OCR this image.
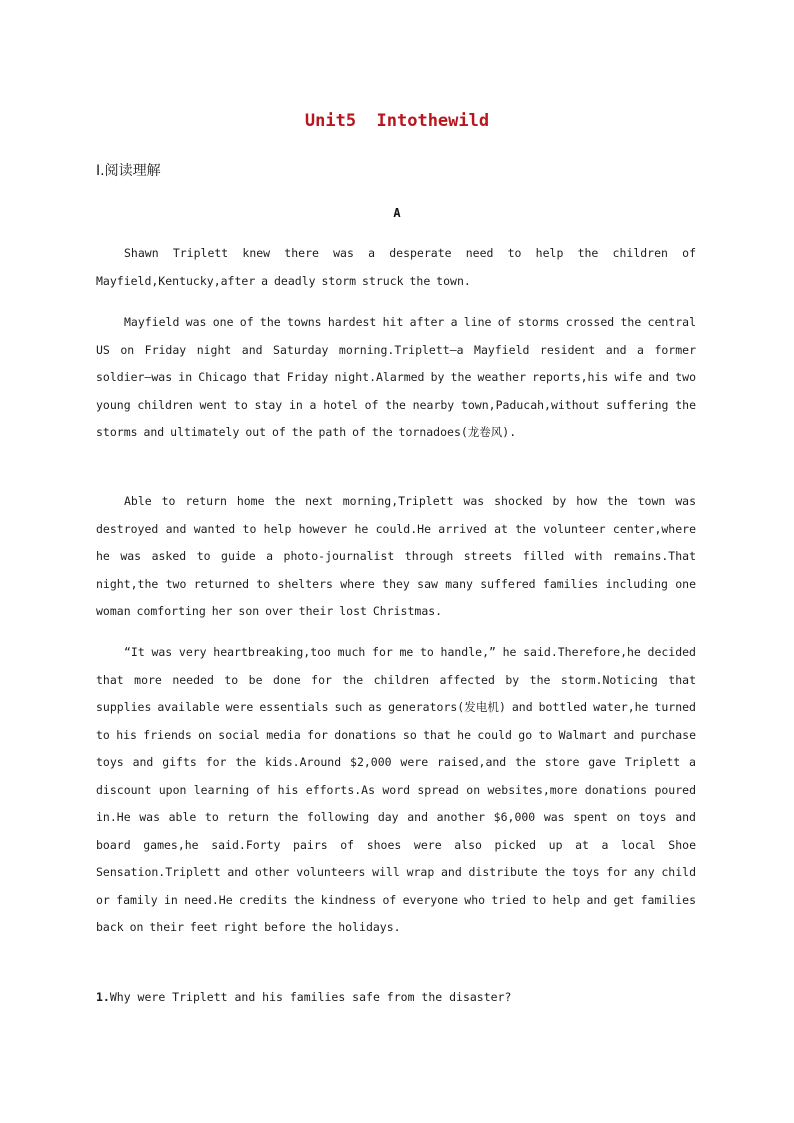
Unit5  Intothewild
Ⅰ.阅读理解
A

Shawn Triplett knew there was a desperate need to help the children of Mayfield,Kentucky,after a deadly storm struck the town.

Mayfield was one of the towns hardest hit after a line of storms crossed the central US on Friday night and Saturday morning.Triplett—a Mayfield resident and a former soldier—was in Chicago that Friday night.Alarmed by the weather reports,his wife and two young children went to stay in a hotel of the nearby town,Paducah,without suffering the storms and ultimately out of the path of the tornadoes(龙卷风).

Able to return home the next morning,Triplett was shocked by how the town was destroyed and wanted to help however he could.He arrived at the volunteer center,where he was asked to guide a photo-journalist through streets filled with remains.That night,the two returned to shelters where they saw many suffered families including one woman comforting her son over their lost Christmas.

“It was very heartbreaking,too much for me to handle,” he said.Therefore,he decided that more needed to be done for the children affected by the storm.Noticing that supplies available were essentials such as generators(发电机) and bottled water,he turned to his friends on social media for donations so that he could go to Walmart and purchase toys and gifts for the kids.Around $2,000 were raised,and the store gave Triplett a discount upon learning of his efforts.As word spread on websites,more donations poured in.He was able to return the following day and another $6,000 was spent on toys and board games,he said.Forty pairs of shoes were also picked up at a local Shoe Sensation.Triplett and other volunteers will wrap and distribute the toys for any child or family in need.He credits the kindness of everyone who tried to help and get families back on their feet right before the holidays.

1.Why were Triplett and his families safe from the disaster?
